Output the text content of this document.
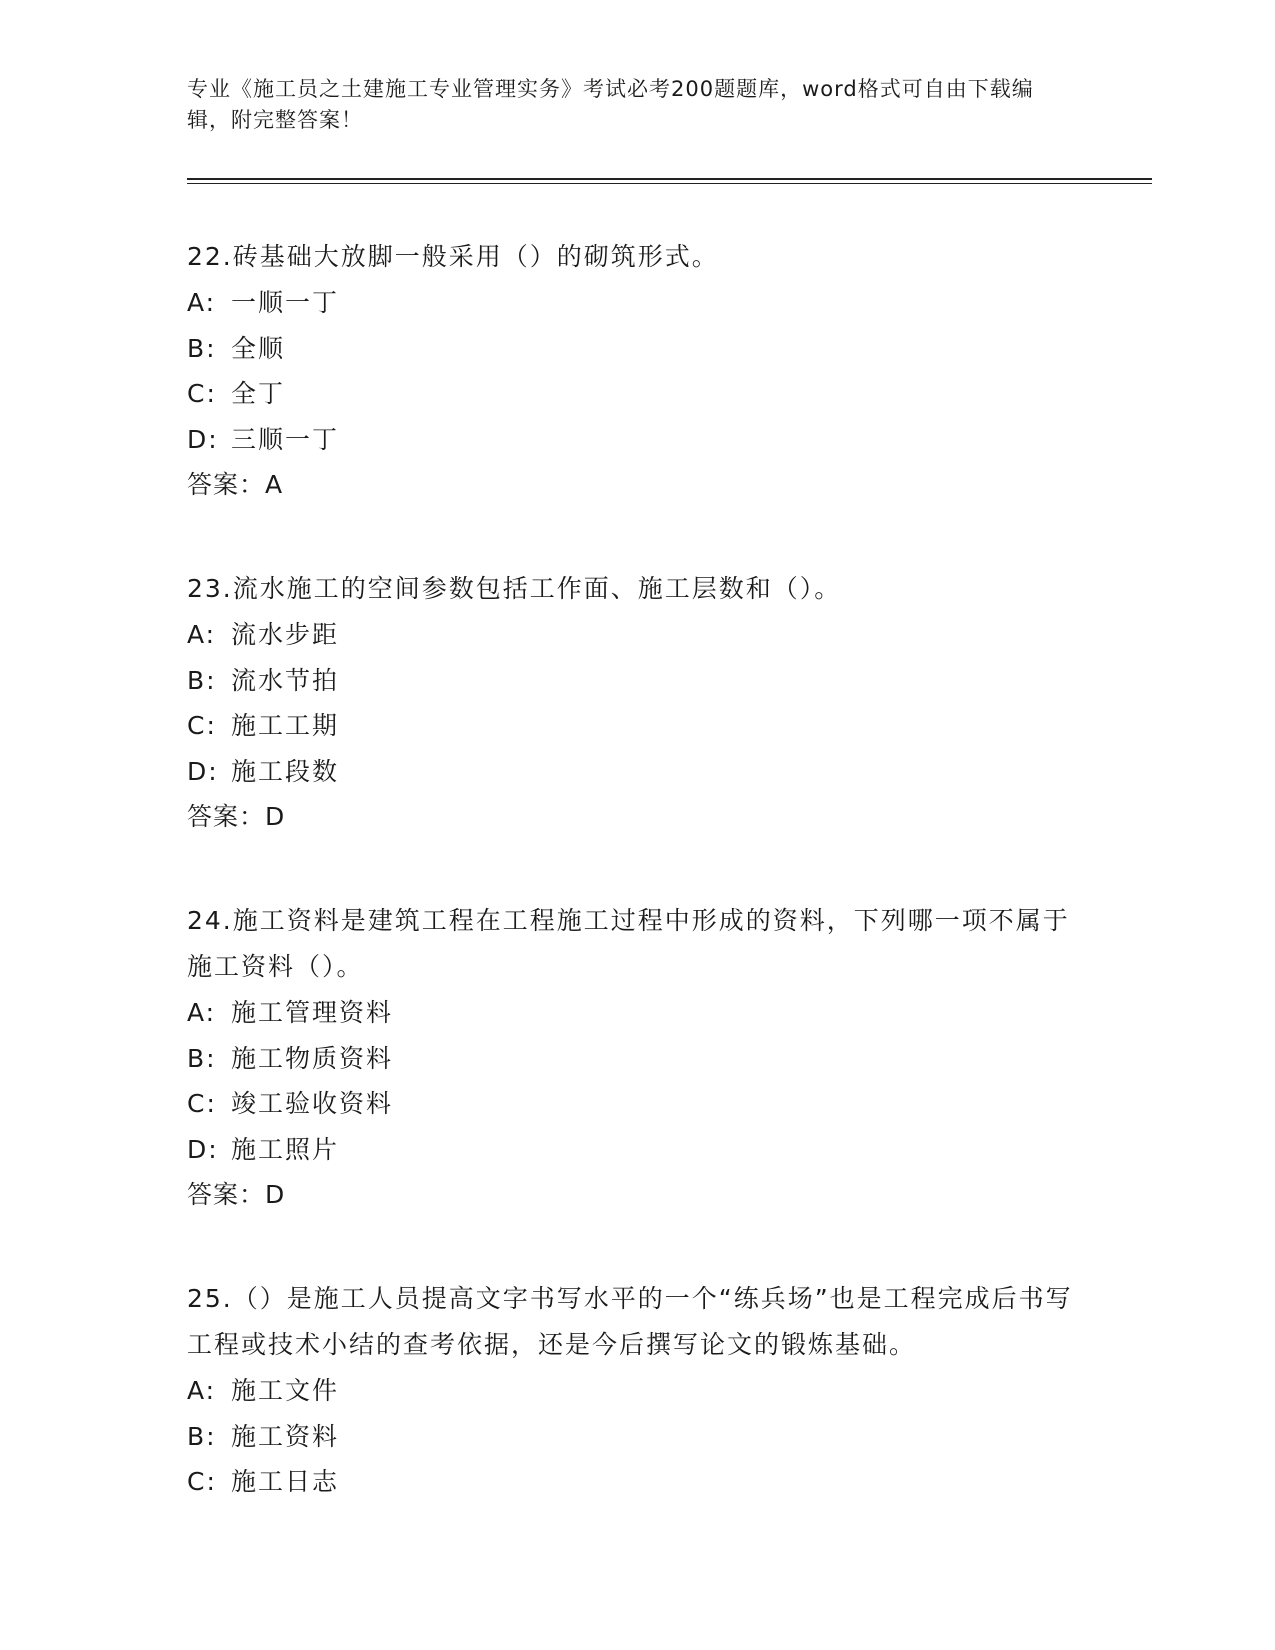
专业《施工员之土建施工专业管理实务》考试必考200题题库，word格式可自由下载编辑，附完整答案！
22.砖基础大放脚一般采用（）的砌筑形式。
A: 一顺一丁
B: 全顺
C: 全丁
D: 三顺一丁
答案：A
23.流水施工的空间参数包括工作面、施工层数和（）。
A: 流水步距
B: 流水节拍
C: 施工工期
D: 施工段数
答案：D
24.施工资料是建筑工程在工程施工过程中形成的资料，下列哪一项不属于施工资料（）。
A: 施工管理资料
B: 施工物质资料
C: 竣工验收资料
D: 施工照片
答案：D
25.（）是施工人员提高文字书写水平的一个“练兵场”也是工程完成后书写工程或技术小结的查考依据，还是今后撰写论文的锻炼基础。
A: 施工文件
B: 施工资料
C: 施工日志
